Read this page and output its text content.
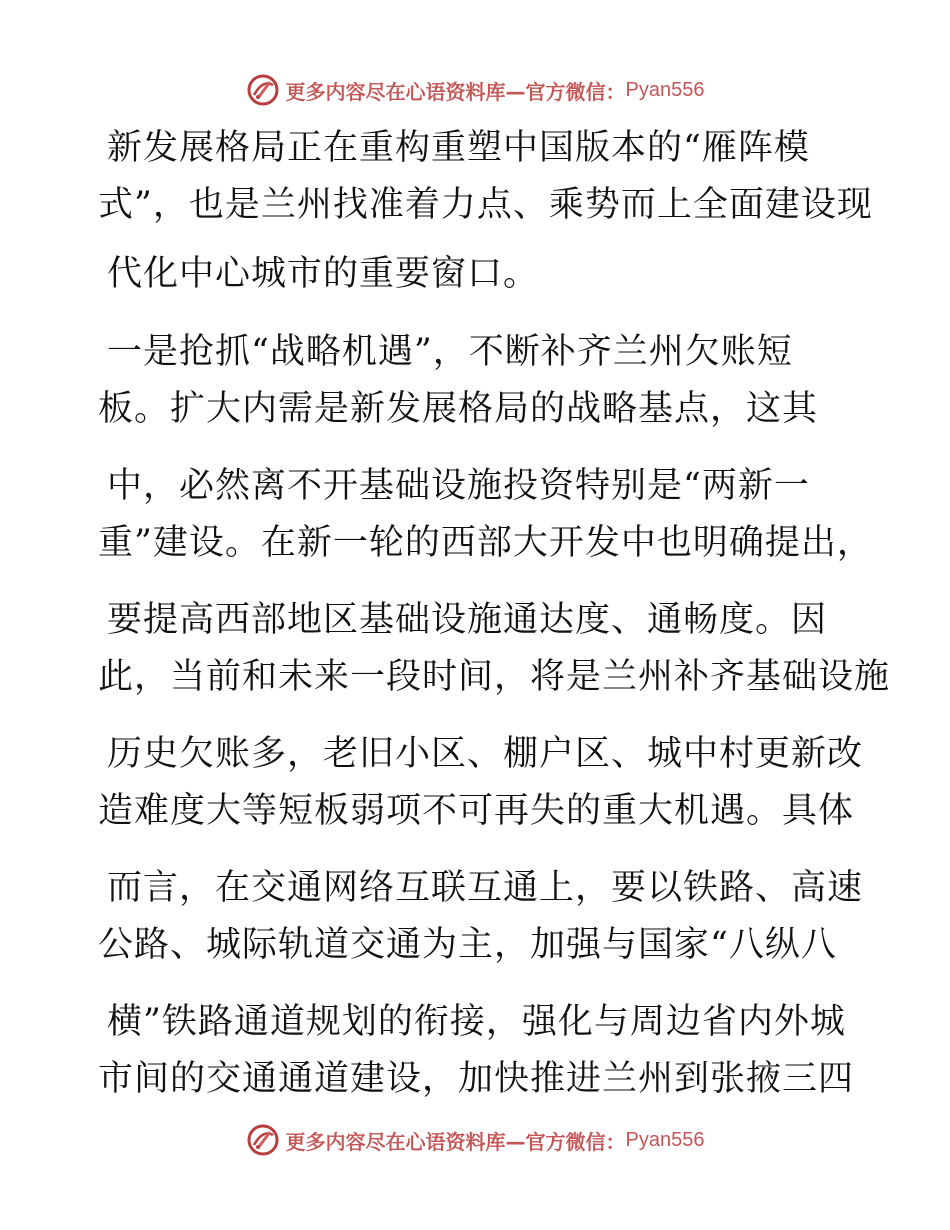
更多内容尽在心语资料库—官方微信： Pyan556
新发展格局正在重构重塑中国版本的“雁阵模
式”，也是兰州找准着力点、乘势而上全面建设现
代化中心城市的重要窗口。
一是抢抓“战略机遇”，不断补齐兰州欠账短
板。扩大内需是新发展格局的战略基点，这其
中，必然离不开基础设施投资特别是“两新一
重”建设。在新一轮的西部大开发中也明确提出，
要提高西部地区基础设施通达度、通畅度。因
此，当前和未来一段时间，将是兰州补齐基础设施
历史欠账多，老旧小区、棚户区、城中村更新改
造难度大等短板弱项不可再失的重大机遇。具体
而言，在交通网络互联互通上，要以铁路、高速
公路、城际轨道交通为主，加强与国家“八纵八
横”铁路通道规划的衔接，强化与周边省内外城
市间的交通通道建设，加快推进兰州到张掖三四
更多内容尽在心语资料库—官方微信： Pyan556
